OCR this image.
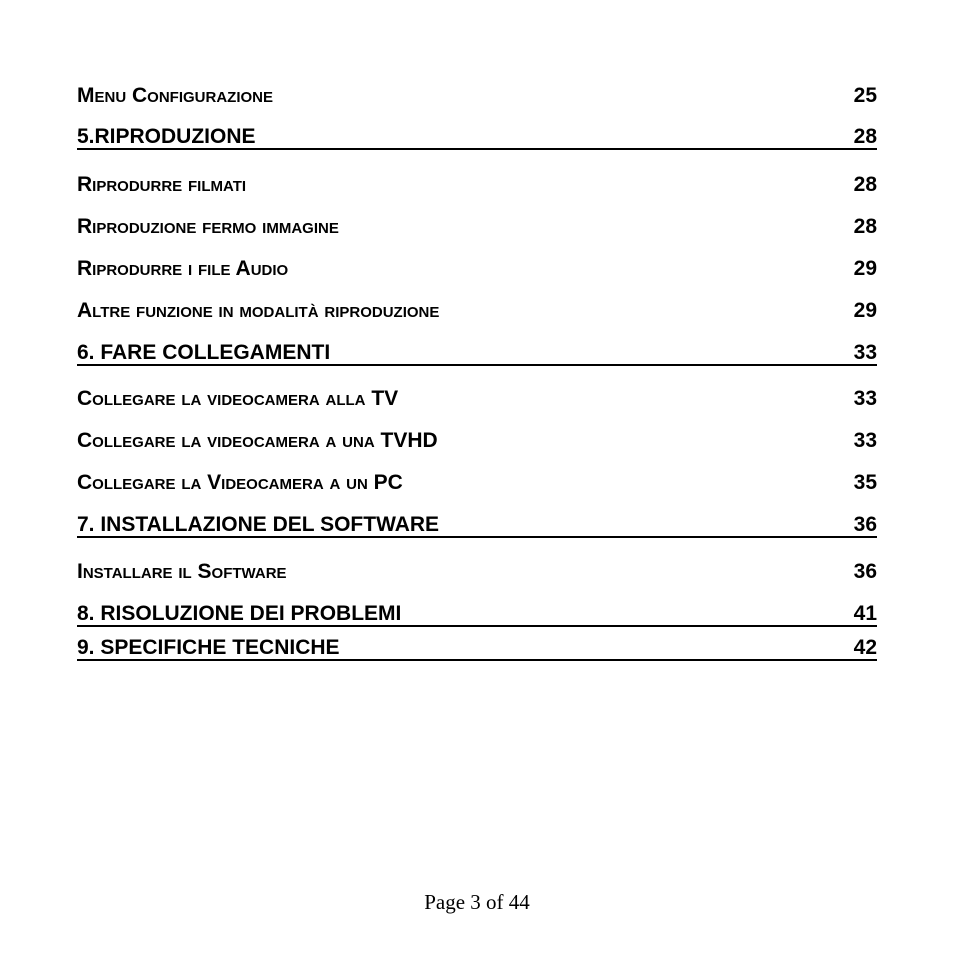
Menu Configurazione	25
5.RIPRODUZIONE	28
Riprodurre filmati	28
Riproduzione fermo immagine	28
Riprodurre i file Audio	29
Altre funzione in modalità riproduzione	29
6. FARE COLLEGAMENTI	33
Collegare la videocamera alla TV	33
Collegare la videocamera a una TVHD	33
Collegare la Videocamera a un PC	35
7. INSTALLAZIONE DEL SOFTWARE	36
Installare il Software	36
8. RISOLUZIONE DEI PROBLEMI	41
9. SPECIFICHE TECNICHE	42
Page 3 of 44
